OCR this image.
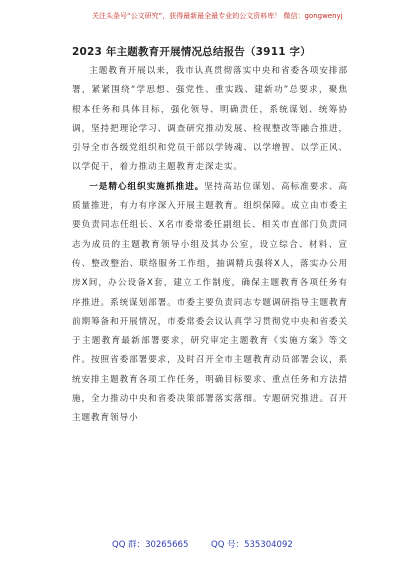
关注头条号“公文研究”，获得最新最全最专业的公文资料库！ 微信：gongwenyj
2023 年主题教育开展情况总结报告（3911 字）

主题教育开展以来，我市认真贯彻落实中央和省委各项安排部署，紧紧围绕“学思想、强党性、重实践、建新功”总要求，聚焦根本任务和具体目标，强化领导、明确责任，系统谋划、统筹协调，坚持把理论学习、调查研究推动发展、检视整改等融合推进，引导全市各级党组织和党员干部以学铸魂、以学增智、以学正风、以学促干，着力推动主题教育走深走实。

一是精心组织实施抓推进。坚持高站位谋划、高标准要求、高质量推进，有力有序深入开展主题教育。组织保障。成立由市委主要负责同志任组长、X名市委常委任副组长、相关市直部门负责同志为成员的主题教育领导小组及其办公室，设立综合、材料、宣传、整改整治、联络服务工作组，抽调精兵强将X人，落实办公用房X间，办公设备X套，建立工作制度，确保主题教育各项任务有序推进。系统谋划部署。市委主要负责同志专题调研指导主题教育前期筹备和开展情况，市委常委会议认真学习贯彻党中央和省委关于主题教育最新部署要求，研究审定主题教育《实施方案》等文件。按照省委部署要求，及时召开全市主题教育动员部署会议，系统安排主题教育各项工作任务，明确目标要求、重点任务和方法措施，全力推动中央和省委决策部署落实落细。专题研究推进。召开主题教育领导小

QQ 群：30265665	QQ 号：535304092
